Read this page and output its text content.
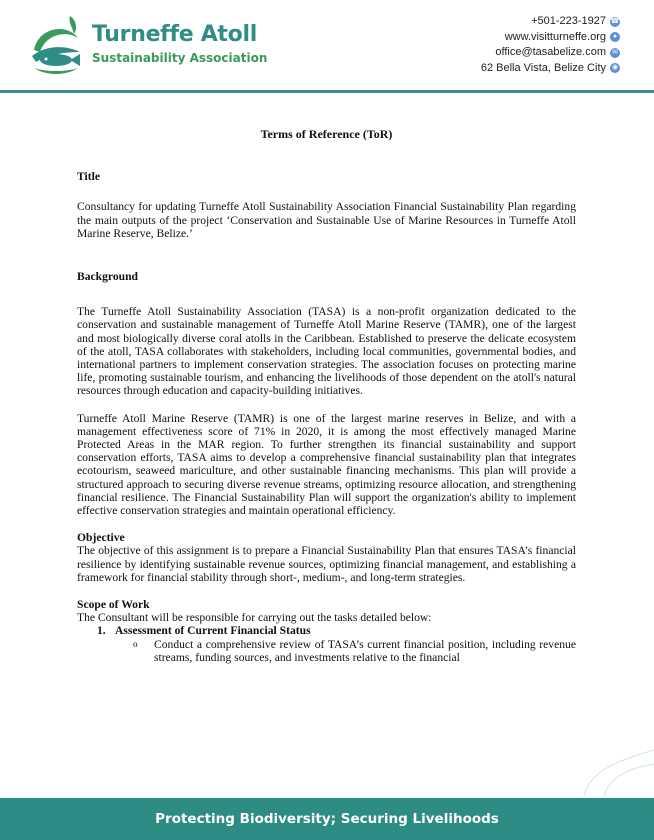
Turneffe Atoll
Sustainability Association
+501-223-1927 ☎
www.visitturneffe.org ●
office@tasabelize.com ✉
62 Bella Vista, Belize City ◉
Terms of Reference (ToR)
Title

Consultancy for updating Turneffe Atoll Sustainability Association Financial Sustainability Plan regarding the main outputs of the project ‘Conservation and Sustainable Use of Marine Resources in Turneffe Atoll Marine Reserve, Belize.’

Background

The Turneffe Atoll Sustainability Association (TASA) is a non-profit organization dedicated to the conservation and sustainable management of Turneffe Atoll Marine Reserve (TAMR), one of the largest and most biologically diverse coral atolls in the Caribbean. Established to preserve the delicate ecosystem of the atoll, TASA collaborates with stakeholders, including local communities, governmental bodies, and international partners to implement conservation strategies. The association focuses on protecting marine life, promoting sustainable tourism, and enhancing the livelihoods of those dependent on the atoll's natural resources through education and capacity-building initiatives.

Turneffe Atoll Marine Reserve (TAMR) is one of the largest marine reserves in Belize, and with a management effectiveness score of 71% in 2020, it is among the most effectively managed Marine Protected Areas in the MAR region. To further strengthen its financial sustainability and support conservation efforts, TASA aims to develop a comprehensive financial sustainability plan that integrates ecotourism, seaweed mariculture, and other sustainable financing mechanisms. This plan will provide a structured approach to securing diverse revenue streams, optimizing resource allocation, and strengthening financial resilience. The Financial Sustainability Plan will support the organization's ability to implement effective conservation strategies and maintain operational efficiency.

Objective

The objective of this assignment is to prepare a Financial Sustainability Plan that ensures TASA’s financial resilience by identifying sustainable revenue sources, optimizing financial management, and establishing a framework for financial stability through short-, medium-, and long-term strategies.

Scope of Work

The Consultant will be responsible for carrying out the tasks detailed below:

1. Assessment of Current Financial Status
o	Conduct a comprehensive review of TASA’s current financial position, including revenue streams, funding sources, and investments relative to the financial
Protecting Biodiversity; Securing Livelihoods
